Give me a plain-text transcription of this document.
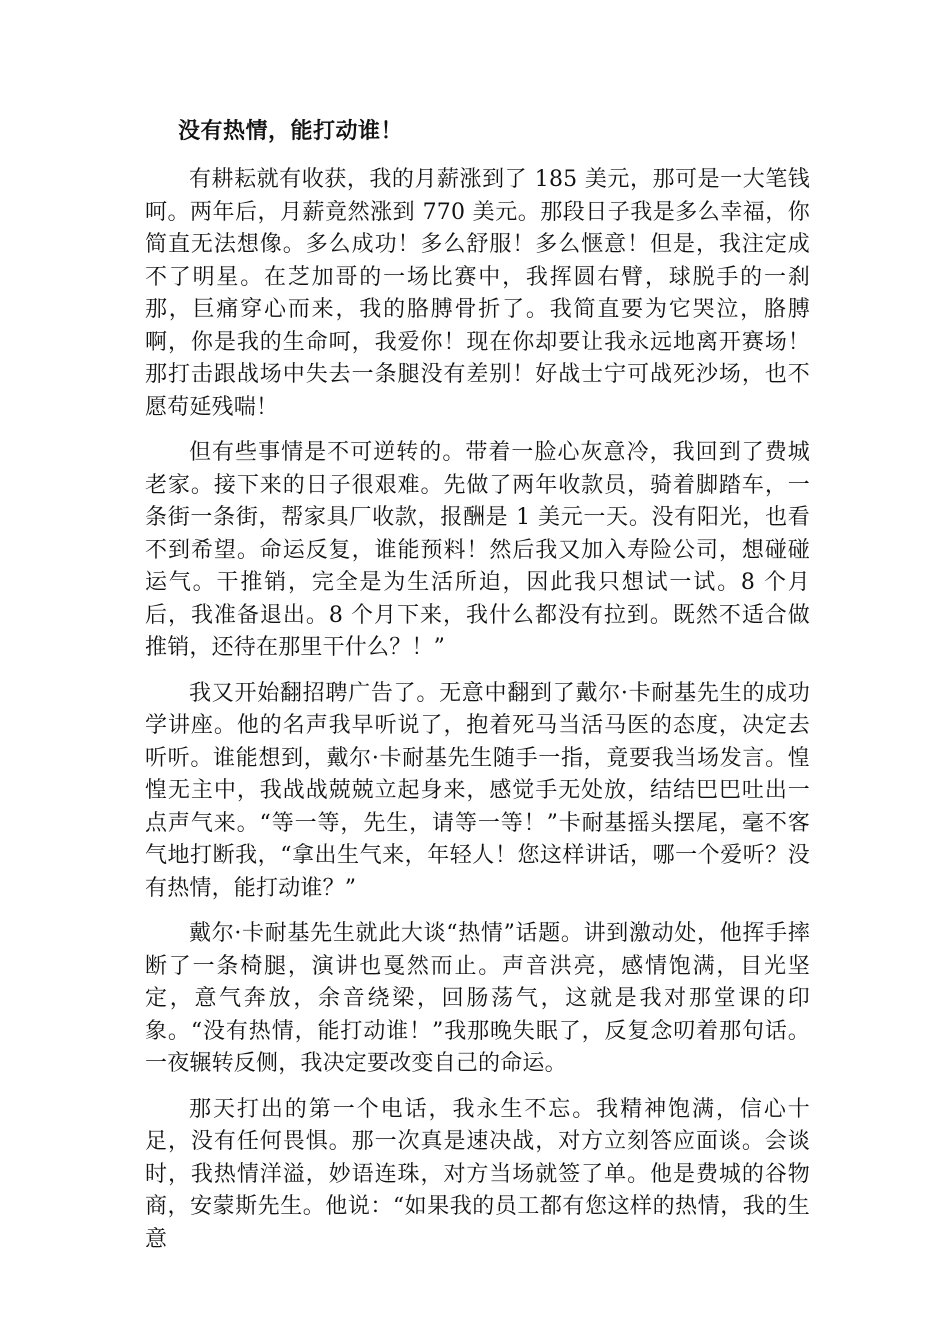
没有热情，能打动谁！

有耕耘就有收获，我的月薪涨到了 185 美元，那可是一大笔钱呵。两年后，月薪竟然涨到 770 美元。那段日子我是多么幸福，你简直无法想像。多么成功！多么舒服！多么惬意！但是，我注定成不了明星。在芝加哥的一场比赛中，我挥圆右臂，球脱手的一刹那，巨痛穿心而来，我的胳膊骨折了。我简直要为它哭泣，胳膊啊，你是我的生命呵，我爱你！现在你却要让我永远地离开赛场！那打击跟战场中失去一条腿没有差别！好战士宁可战死沙场，也不愿苟延残喘！

但有些事情是不可逆转的。带着一脸心灰意冷，我回到了费城老家。接下来的日子很艰难。先做了两年收款员，骑着脚踏车，一条街一条街，帮家具厂收款，报酬是 1 美元一天。没有阳光，也看不到希望。命运反复，谁能预料！然后我又加入寿险公司，想碰碰运气。干推销，完全是为生活所迫，因此我只想试一试。8 个月后，我准备退出。8 个月下来，我什么都没有拉到。既然不适合做推销，还待在那里干什么？！”

我又开始翻招聘广告了。无意中翻到了戴尔·卡耐基先生的成功学讲座。他的名声我早听说了，抱着死马当活马医的态度，决定去听听。谁能想到，戴尔·卡耐基先生随手一指，竟要我当场发言。惶惶无主中，我战战兢兢立起身来，感觉手无处放，结结巴巴吐出一点声气来。“等一等，先生，请等一等！”卡耐基摇头摆尾，毫不客气地打断我，“拿出生气来，年轻人！您这样讲话，哪一个爱听？没有热情，能打动谁？”

戴尔·卡耐基先生就此大谈“热情”话题。讲到激动处，他挥手摔断了一条椅腿，演讲也戛然而止。声音洪亮，感情饱满，目光坚定，意气奔放，余音绕梁，回肠荡气，这就是我对那堂课的印象。“没有热情，能打动谁！”我那晚失眠了，反复念叨着那句话。一夜辗转反侧，我决定要改变自己的命运。

那天打出的第一个电话，我永生不忘。我精神饱满，信心十足，没有任何畏惧。那一次真是速决战，对方立刻答应面谈。会谈时，我热情洋溢，妙语连珠，对方当场就签了单。他是费城的谷物商，安蒙斯先生。他说：“如果我的员工都有您这样的热情，我的生意
